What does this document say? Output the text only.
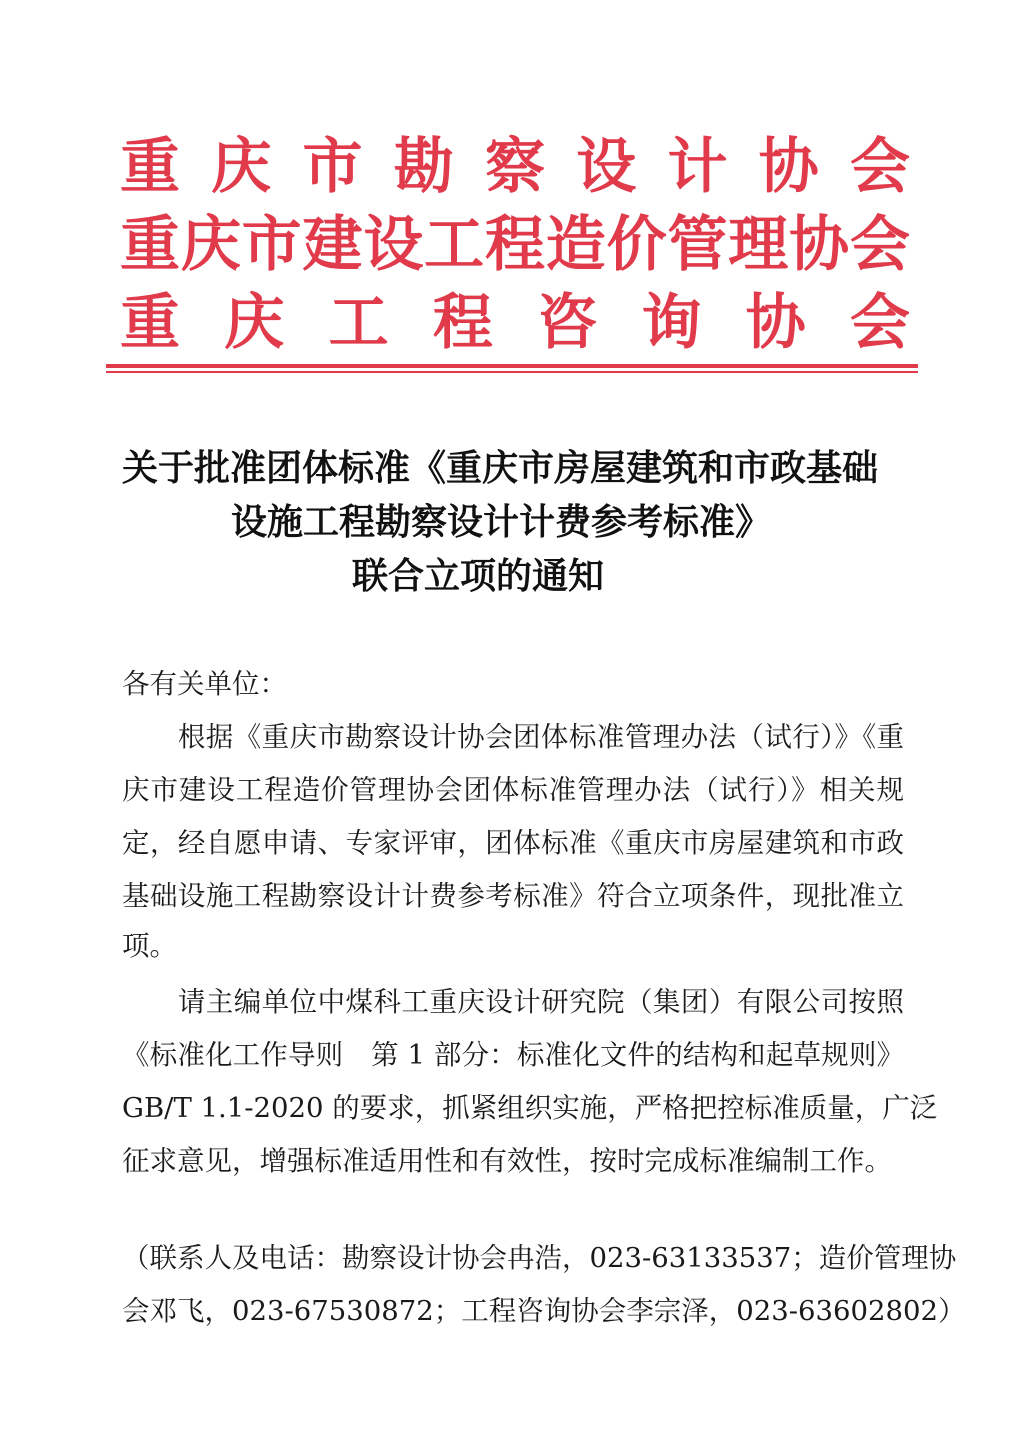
重 庆 市 勘 察 设 计 协 会
重 庆 市 建 设 工 程 造 价 管 理 协 会
重 庆 工 程 咨 询 协 会
关于批准团体标准《重庆市房屋建筑和市政基础
设施工程勘察设计计费参考标准》
联合立项的通知
各有关单位：
　　根据《重庆市勘察设计协会团体标准管理办法（试行）》《重
庆市建设工程造价管理协会团体标准管理办法（试行）》相关规
定，经自愿申请、专家评审，团体标准《重庆市房屋建筑和市政
基础设施工程勘察设计计费参考标准》符合立项条件，现批准立
项。
　　请主编单位中煤科工重庆设计研究院（集团）有限公司按照
《标准化工作导则　第 1 部分：标准化文件的结构和起草规则》
GB/T 1.1-2020 的要求，抓紧组织实施，严格把控标准质量，广泛
征求意见，增强标准适用性和有效性，按时完成标准编制工作。
（联系人及电话：勘察设计协会冉浩，023-63133537；造价管理协
会邓飞，023-67530872；工程咨询协会李宗泽，023-63602802）
